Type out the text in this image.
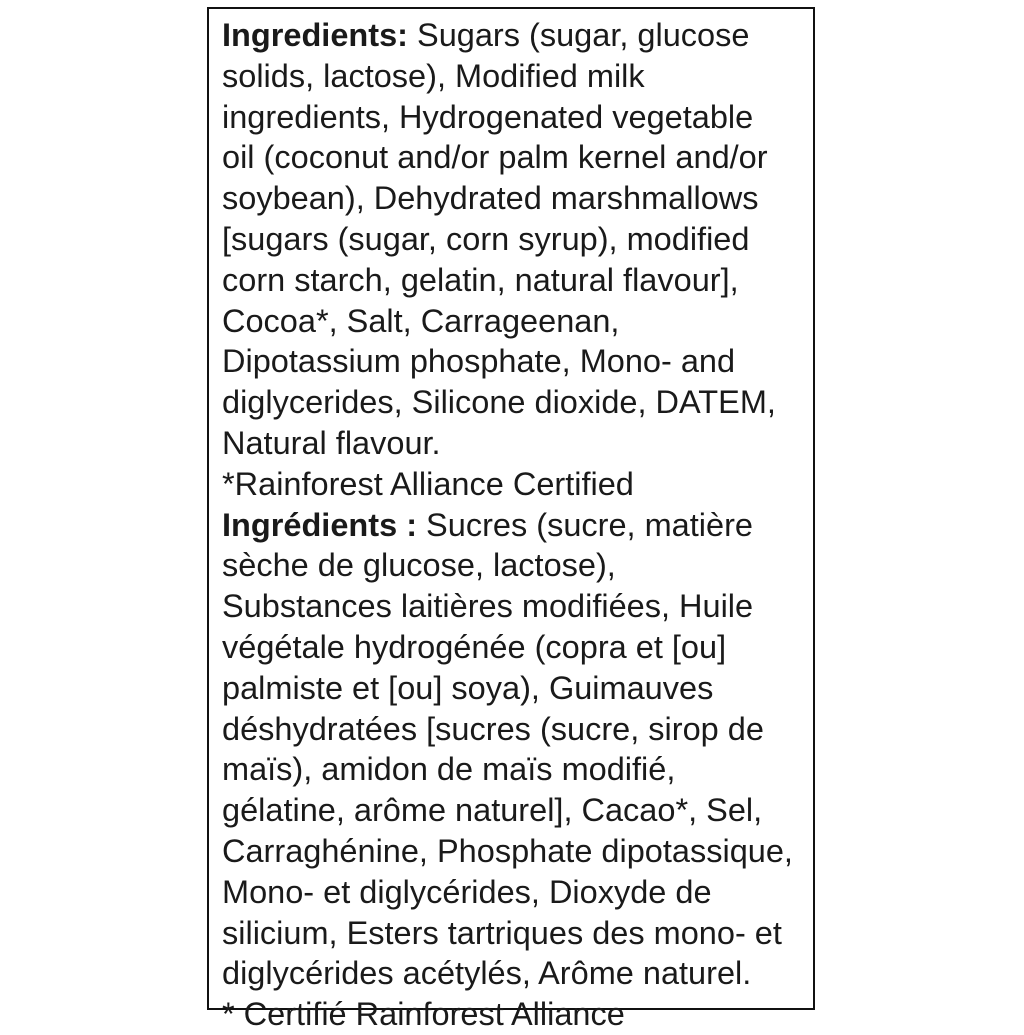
Ingredients: Sugars (sugar, glucose
solids, lactose), Modified milk
ingredients, Hydrogenated vegetable
oil (coconut and/or palm kernel and/or
soybean), Dehydrated marshmallows
[sugars (sugar, corn syrup), modified
corn starch, gelatin, natural flavour],
Cocoa*, Salt, Carrageenan,
Dipotassium phosphate, Mono- and
diglycerides, Silicone dioxide, DATEM,
Natural flavour.
*Rainforest Alliance Certified
Ingrédients : Sucres (sucre, matière
sèche de glucose, lactose),
Substances laitières modifiées, Huile
végétale hydrogénée (copra et [ou]
palmiste et [ou] soya), Guimauves
déshydratées [sucres (sucre, sirop de
maïs), amidon de maïs modifié,
gélatine, arôme naturel], Cacao*, Sel,
Carraghénine, Phosphate dipotassique,
Mono- et diglycérides, Dioxyde de
silicium, Esters tartriques des mono- et
diglycérides acétylés, Arôme naturel.
* Certifié Rainforest Alliance
